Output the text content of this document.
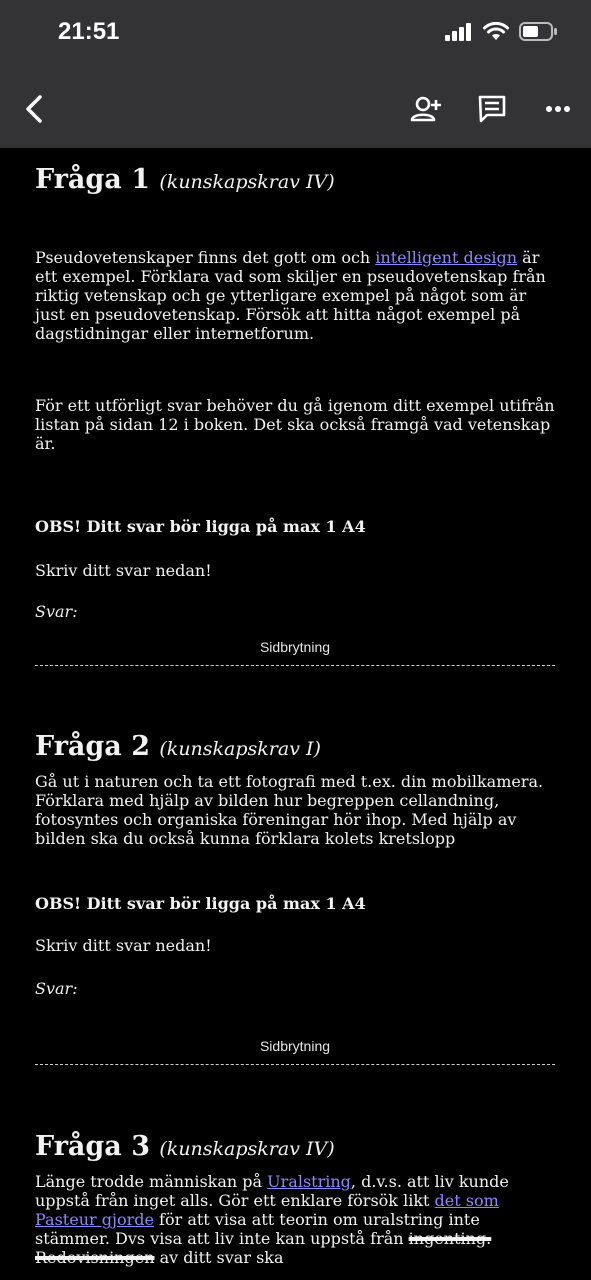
21:51

Fråga 1 (kunskapskrav IV)

Pseudovetenskaper finns det gott om och intelligent design är ett exempel. Förklara vad som skiljer en pseudovetenskap från riktig vetenskap och ge ytterligare exempel på något som är just en pseudovetenskap. Försök att hitta något exempel på dagstidningar eller internetforum.

För ett utförligt svar behöver du gå igenom ditt exempel utifrån listan på sidan 12 i boken. Det ska också framgå vad vetenskap är.

OBS! Ditt svar bör ligga på max 1 A4
Skriv ditt svar nedan!
Svar:
Sidbrytning

Fråga 2 (kunskapskrav I)

Gå ut i naturen och ta ett fotografi med t.ex. din mobilkamera. Förklara med hjälp av bilden hur begreppen cellandning, fotosyntes och organiska föreningar hör ihop. Med hjälp av bilden ska du också kunna förklara kolets kretslopp

OBS! Ditt svar bör ligga på max 1 A4
Skriv ditt svar nedan!
Svar:
Sidbrytning

Fråga 3 (kunskapskrav IV)

Länge trodde människan på Uralstring, d.v.s. att liv kunde uppstå från inget alls. Gör ett enklare försök likt det som Pasteur gjorde för att visa att teorin om uralstring inte stämmer. Dvs visa att liv inte kan uppstå från ingenting. Redovisningen av ditt svar ska
